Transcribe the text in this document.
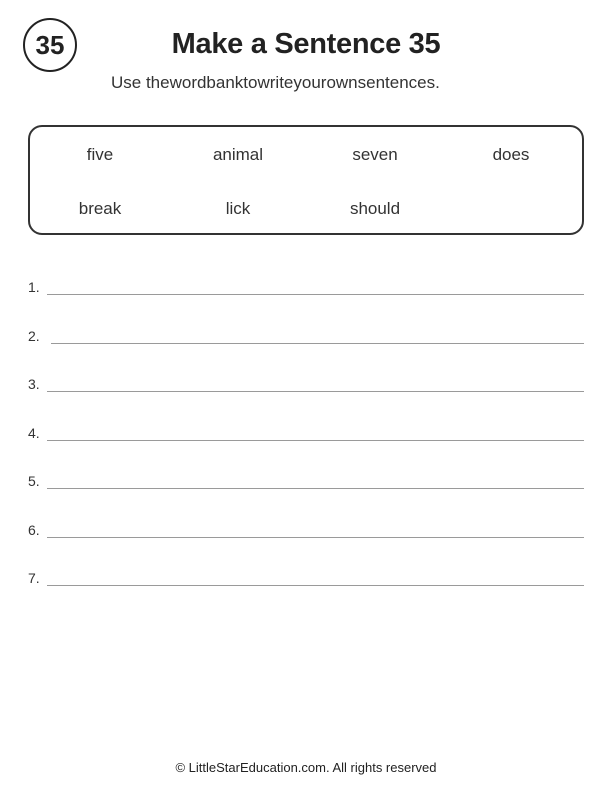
35	Make a Sentence 35
Use thewordbanktowriteyourownsentences.
five	animal	seven	does
break	lick	should
1.
2.
3.
4.
5.
6.
7.
© LittleStarEducation.com. All rights reserved
